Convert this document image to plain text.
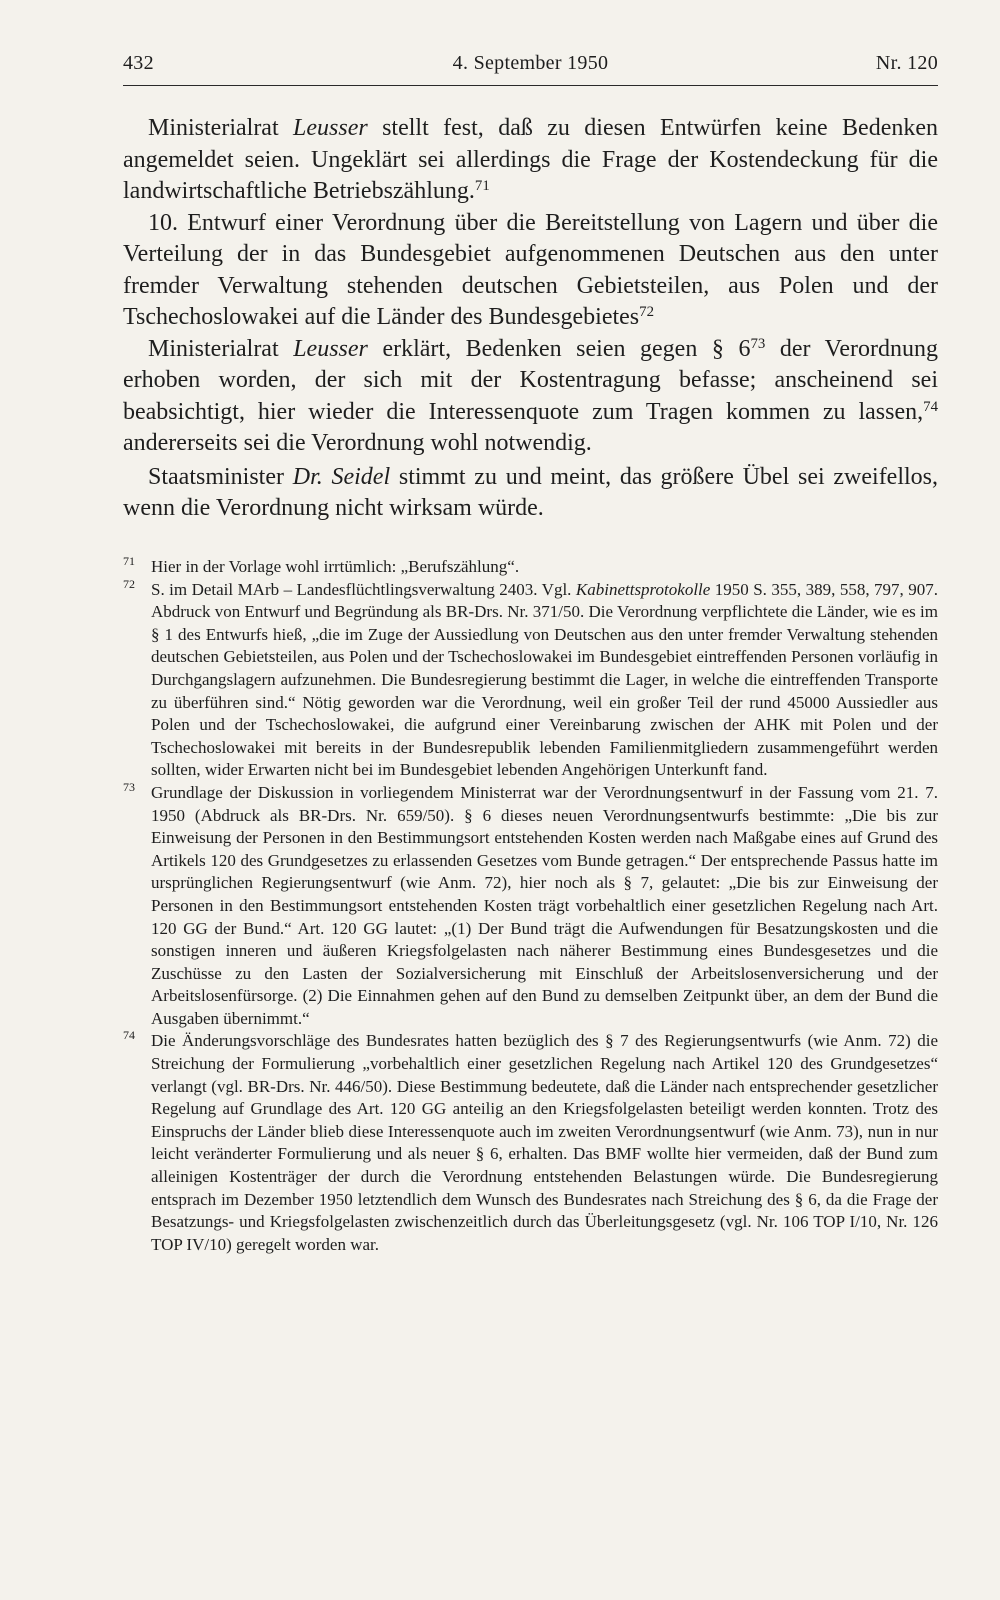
432	4. September 1950	Nr. 120

Ministerialrat Leusser stellt fest, daß zu diesen Entwürfen keine Bedenken angemeldet seien. Ungeklärt sei allerdings die Frage der Kostendeckung für die landwirtschaftliche Betriebszählung.$^{71}$

10. Entwurf einer Verordnung über die Bereitstellung von Lagern und über die Verteilung der in das Bundesgebiet aufgenommenen Deutschen aus den unter fremder Verwaltung stehenden deutschen Gebietsteilen, aus Polen und der Tschechoslowakei auf die Länder des Bundesgebietes$^{72}$

Ministerialrat Leusser erklärt, Bedenken seien gegen § $6^{73}$ der Verordnung erhoben worden, der sich mit der Kostentragung befasse; anscheinend sei beabsichtigt, hier wieder die Interessenquote zum Tragen kommen zu lassen,$^{74}$ andererseits sei die Verordnung wohl notwendig.

Staatsminister Dr. Seidel stimmt zu und meint, das größere Übel sei zweifellos, wenn die Verordnung nicht wirksam würde.

71 Hier in der Vorlage wohl irrtümlich: „Berufszählung“.

72 S. im Detail MArb – Landesflüchtlingsverwaltung 2403. Vgl. Kabinettsprotokolle 1950 S. 355, 389, 558, 797, 907. Abdruck von Entwurf und Begründung als BR-Drs. Nr. 371/50. Die Verordnung verpflichtete die Länder, wie es im § 1 des Entwurfs hieß, „die im Zuge der Aussiedlung von Deutschen aus den unter fremder Verwaltung stehenden deutschen Gebietsteilen, aus Polen und der Tschechoslowakei im Bundesgebiet eintreffenden Personen vorläufig in Durchgangslagern aufzunehmen. Die Bundesregierung bestimmt die Lager, in welche die eintreffenden Transporte zu überführen sind.“ Nötig geworden war die Verordnung, weil ein großer Teil der rund 45000 Aussiedler aus Polen und der Tschechoslowakei, die aufgrund einer Vereinbarung zwischen der AHK mit Polen und der Tschechoslowakei mit bereits in der Bundesrepublik lebenden Familienmitgliedern zusammengeführt werden sollten, wider Erwarten nicht bei im Bundesgebiet lebenden Angehörigen Unterkunft fand.

73 Grundlage der Diskussion in vorliegendem Ministerrat war der Verordnungsentwurf in der Fassung vom 21. 7. 1950 (Abdruck als BR-Drs. Nr. 659/50). § 6 dieses neuen Verordnungsentwurfs bestimmte: „Die bis zur Einweisung der Personen in den Bestimmungsort entstehenden Kosten werden nach Maßgabe eines auf Grund des Artikels 120 des Grundgesetzes zu erlassenden Gesetzes vom Bunde getragen.“ Der entsprechende Passus hatte im ursprünglichen Regierungsentwurf (wie Anm. 72), hier noch als § 7, gelautet: „Die bis zur Einweisung der Personen in den Bestimmungsort entstehenden Kosten trägt vorbehaltlich einer gesetzlichen Regelung nach Art. 120 GG der Bund.“ Art. 120 GG lautet: „(1) Der Bund trägt die Aufwendungen für Besatzungskosten und die sonstigen inneren und äußeren Kriegsfolgelasten nach näherer Bestimmung eines Bundesgesetzes und die Zuschüsse zu den Lasten der Sozialversicherung mit Einschluß der Arbeitslosenversicherung und der Arbeitslosenfürsorge. (2) Die Einnahmen gehen auf den Bund zu demselben Zeitpunkt über, an dem der Bund die Ausgaben übernimmt.“

74 Die Änderungsvorschläge des Bundesrates hatten bezüglich des § 7 des Regierungsentwurfs (wie Anm. 72) die Streichung der Formulierung „vorbehaltlich einer gesetzlichen Regelung nach Artikel 120 des Grundgesetzes“ verlangt (vgl. BR-Drs. Nr. 446/50). Diese Bestimmung bedeutete, daß die Länder nach entsprechender gesetzlicher Regelung auf Grundlage des Art. 120 GG anteilig an den Kriegsfolgelasten beteiligt werden konnten. Trotz des Einspruchs der Länder blieb diese Interessenquote auch im zweiten Verordnungsentwurf (wie Anm. 73), nun in nur leicht veränderter Formulierung und als neuer § 6, erhalten. Das BMF wollte hier vermeiden, daß der Bund zum alleinigen Kostenträger der durch die Verordnung entstehenden Belastungen würde. Die Bundesregierung entsprach im Dezember 1950 letztendlich dem Wunsch des Bundesrates nach Streichung des § 6, da die Frage der Besatzungs- und Kriegsfolgelasten zwischenzeitlich durch das Überleitungsgesetz (vgl. Nr. 106 TOP I/10, Nr. 126 TOP IV/10) geregelt worden war.
